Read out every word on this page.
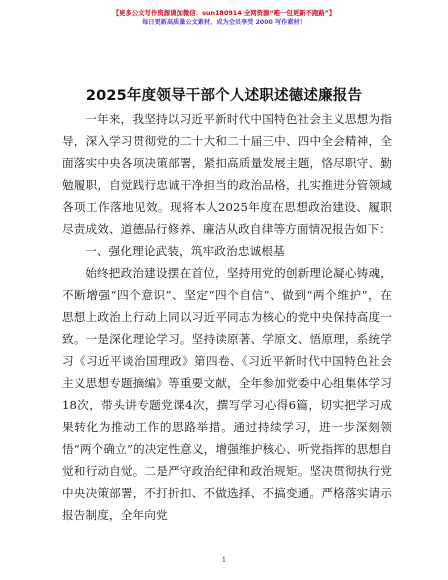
【更多公文写作资源请加微信：sun180914 全网资源“唯一包更新不跑路”】
每日更新高质量公文素材，成为会员享受 2000 写作素材！
2025年度领导干部个人述职述德述廉报告

一年来，我坚持以习近平新时代中国特色社会主义思想为指导，深入学习贯彻党的二十大和二十届三中、四中全会精神，全面落实中央各项决策部署，紧扣高质量发展主题，恪尽职守、勤勉履职，自觉践行忠诚干净担当的政治品格，扎实推进分管领域各项工作落地见效。现将本人2025年度在思想政治建设、履职尽责成效、道德品行修养、廉洁从政自律等方面情况报告如下：

一、强化理论武装，筑牢政治忠诚根基

始终把政治建设摆在首位，坚持用党的创新理论凝心铸魂，不断增强“四个意识”、坚定“四个自信”、做到“两个维护”，在思想上政治上行动上同以习近平同志为核心的党中央保持高度一致。一是深化理论学习。坚持读原著、学原文、悟原理，系统学习《习近平谈治国理政》第四卷、《习近平新时代中国特色社会主义思想专题摘编》等重要文献，全年参加党委中心组集体学习18次，带头讲专题党课4次，撰写学习心得6篇，切实把学习成果转化为推动工作的思路举措。通过持续学习，进一步深刻领悟“两个确立”的决定性意义，增强维护核心、听党指挥的思想自觉和行动自觉。二是严守政治纪律和政治规矩。坚决贯彻执行党中央决策部署，不打折扣、不做选择、不搞变通。严格落实请示报告制度，全年向党

1
